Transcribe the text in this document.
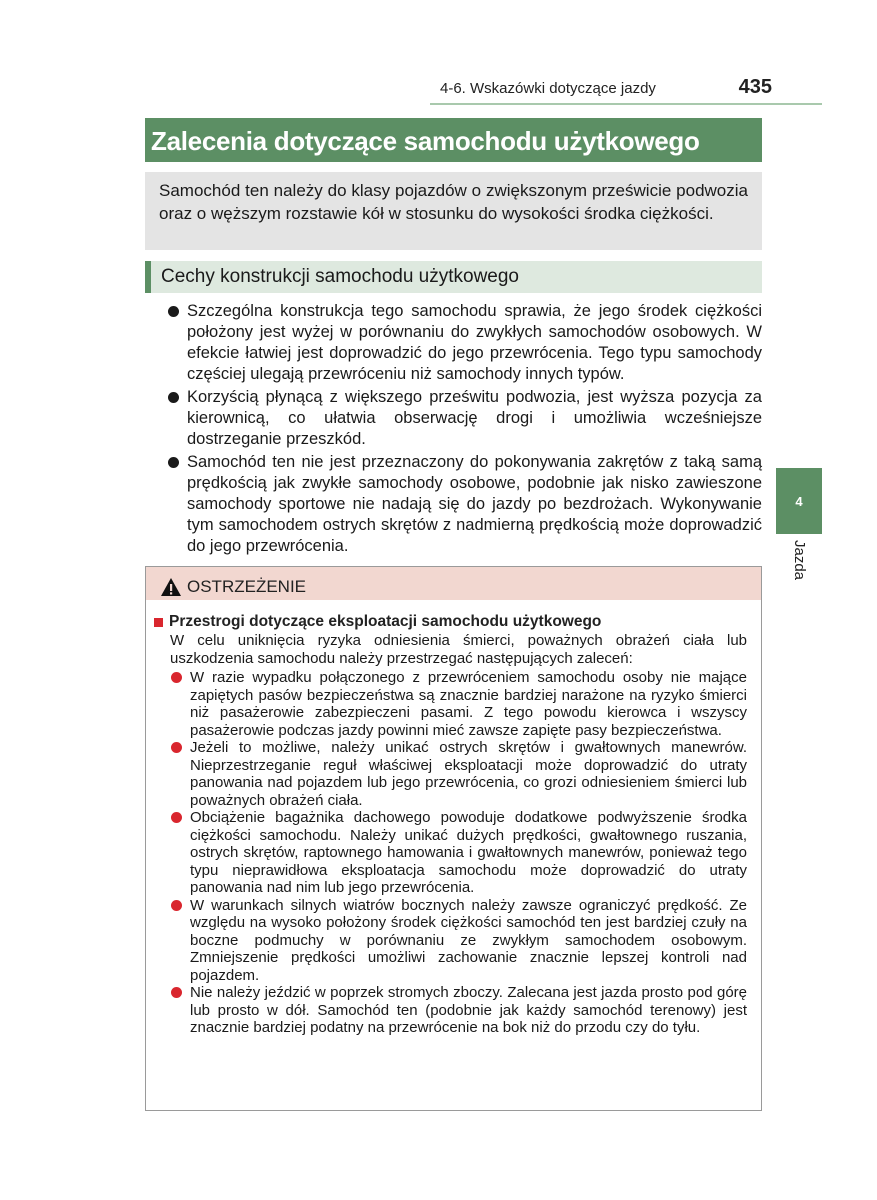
4-6. Wskazówki dotyczące jazdy	435
Zalecenia dotyczące samochodu użytkowego
Samochód ten należy do klasy pojazdów o zwiększonym prześwicie podwozia oraz o węższym rozstawie kół w stosunku do wysokości środka ciężkości.
Cechy konstrukcji samochodu użytkowego
Szczególna konstrukcja tego samochodu sprawia, że jego środek ciężkości położony jest wyżej w porównaniu do zwykłych samochodów osobowych. W efekcie łatwiej jest doprowadzić do jego przewrócenia. Tego typu samochody częściej ulegają przewróceniu niż samochody innych typów.
Korzyścią płynącą z większego prześwitu podwozia, jest wyższa pozycja za kierownicą, co ułatwia obserwację drogi i umożliwia wcześniejsze dostrzeganie przeszkód.
Samochód ten nie jest przeznaczony do pokonywania zakrętów z taką samą prędkością jak zwykłe samochody osobowe, podobnie jak nisko zawieszone samochody sportowe nie nadają się do jazdy po bezdrożach. Wykonywanie tym samochodem ostrych skrętów z nadmierną prędkością może doprowadzić do jego przewrócenia.
OSTRZEŻENIE
Przestrogi dotyczące eksploatacji samochodu użytkowego
W celu uniknięcia ryzyka odniesienia śmierci, poważnych obrażeń ciała lub uszkodzenia samochodu należy przestrzegać następujących zaleceń:
W razie wypadku połączonego z przewróceniem samochodu osoby nie mające zapiętych pasów bezpieczeństwa są znacznie bardziej narażone na ryzyko śmierci niż pasażerowie zabezpieczeni pasami. Z tego powodu kierowca i wszyscy pasażerowie podczas jazdy powinni mieć zawsze zapięte pasy bezpieczeństwa.
Jeżeli to możliwe, należy unikać ostrych skrętów i gwałtownych manewrów. Nieprzestrzeganie reguł właściwej eksploatacji może doprowadzić do utraty panowania nad pojazdem lub jego przewrócenia, co grozi odniesieniem śmierci lub poważnych obrażeń ciała.
Obciążenie bagażnika dachowego powoduje dodatkowe podwyższenie środka ciężkości samochodu. Należy unikać dużych prędkości, gwałtownego ruszania, ostrych skrętów, raptownego hamowania i gwałtownych manewrów, ponieważ tego typu nieprawidłowa eksploatacja samochodu może doprowadzić do utraty panowania nad nim lub jego przewrócenia.
W warunkach silnych wiatrów bocznych należy zawsze ograniczyć prędkość. Ze względu na wysoko położony środek ciężkości samochód ten jest bardziej czuły na boczne podmuchy w porównaniu ze zwykłym samochodem osobowym. Zmniejszenie prędkości umożliwi zachowanie znacznie lepszej kontroli nad pojazdem.
Nie należy jeździć w poprzek stromych zboczy. Zalecana jest jazda prosto pod górę lub prosto w dół. Samochód ten (podobnie jak każdy samochód terenowy) jest znacznie bardziej podatny na przewrócenie na bok niż do przodu czy do tyłu.
4
Jazda
